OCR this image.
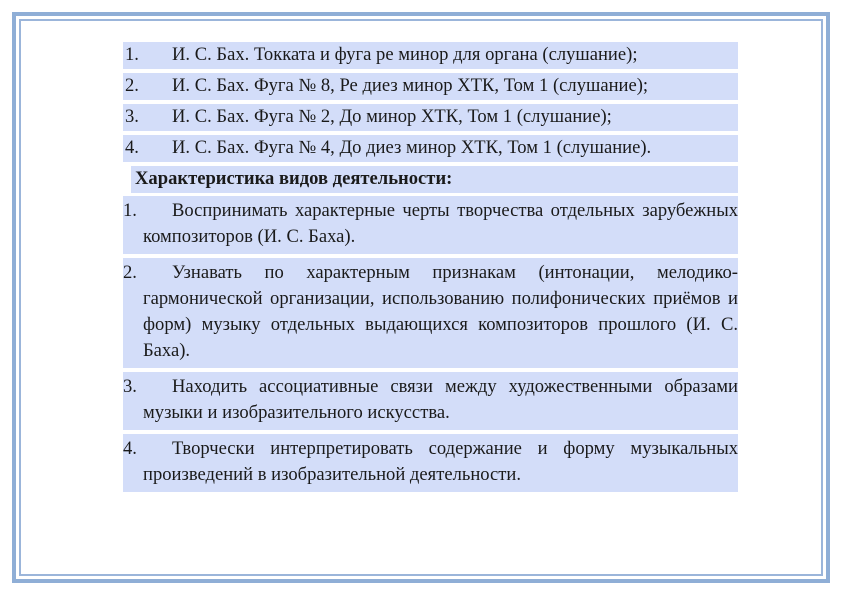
1. И. С. Бах. Токката и фуга ре минор для органа (слушание);
2. И. С. Бах. Фуга № 8, Ре диез минор ХТК, Том 1 (слушание);
3. И. С. Бах. Фуга № 2, До минор ХТК, Том 1 (слушание);
4. И. С. Бах. Фуга № 4, До диез минор ХТК, Том 1 (слушание).
Характеристика видов деятельности:
1. Воспринимать характерные черты творчества отдельных зарубежных композиторов (И. С. Баха).
2. Узнавать по характерным признакам (интонации, мелодико-гармонической организации, использованию полифонических приёмов и форм) музыку отдельных выдающихся композиторов прошлого (И. С. Баха).
3. Находить ассоциативные связи между художественными образами музыки и изобразительного искусства.
4. Творчески интерпретировать содержание и форму музыкальных произведений в изобразительной деятельности.
